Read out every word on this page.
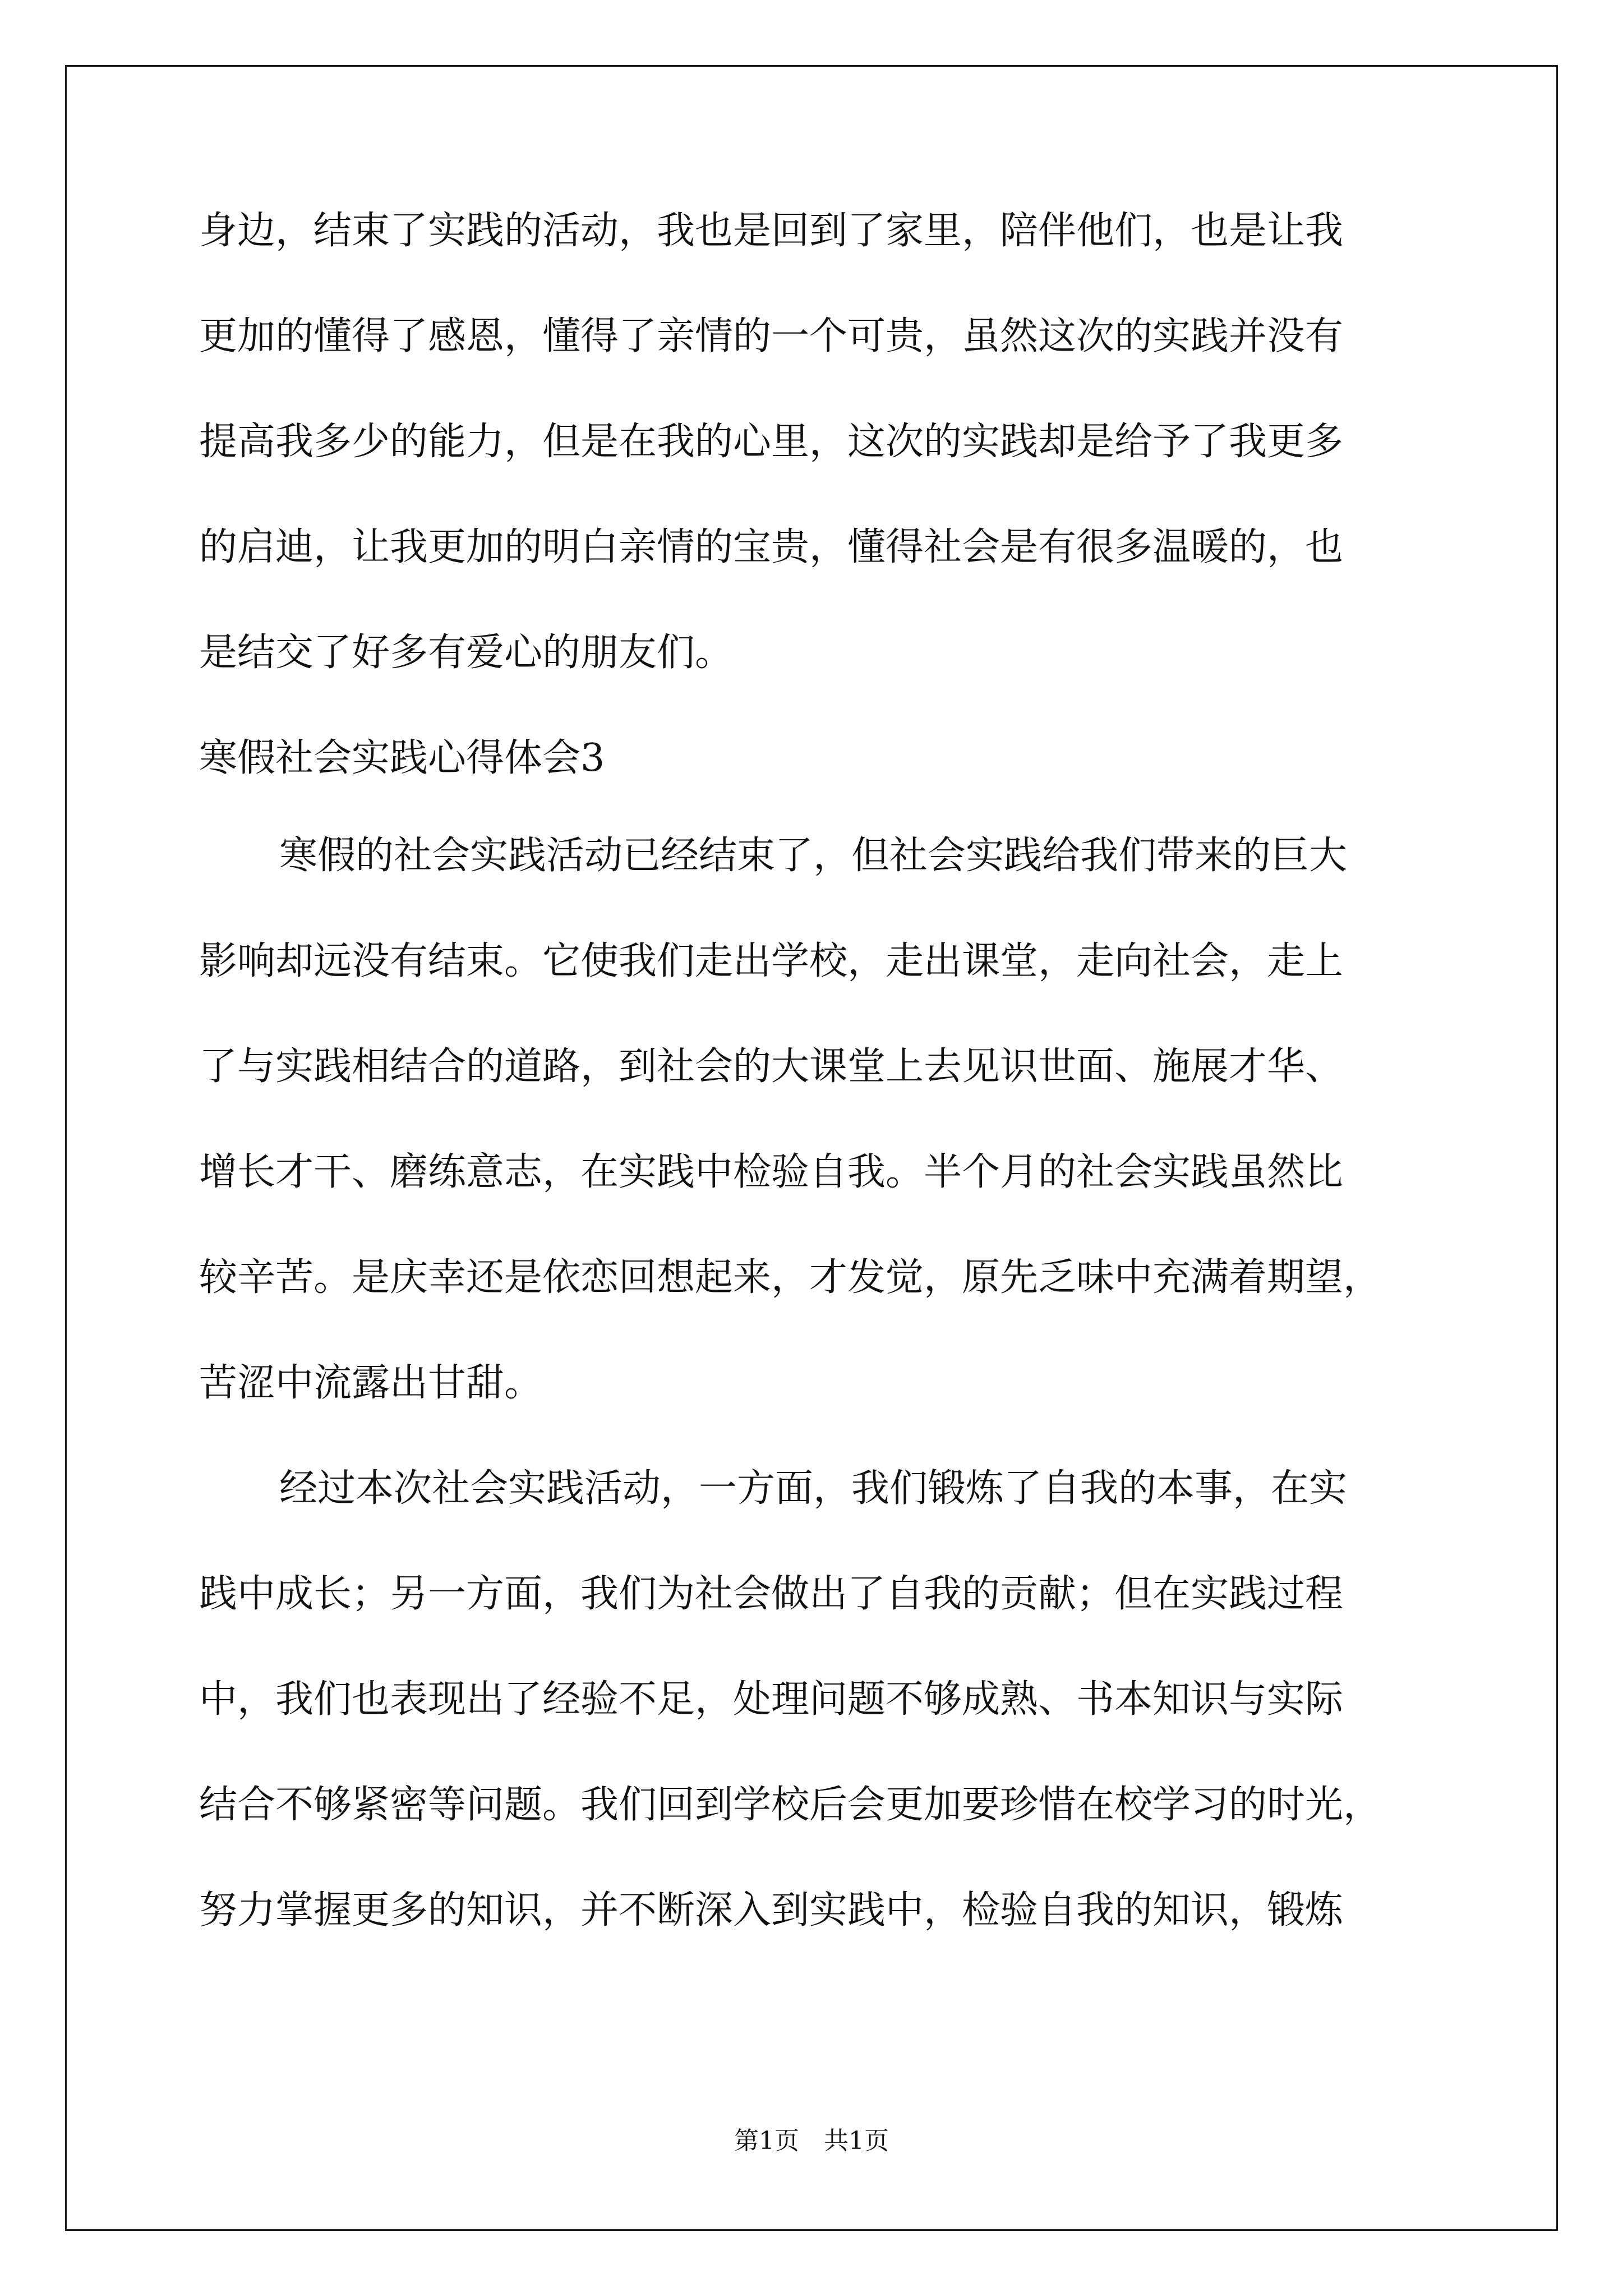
身边，结束了实践的活动，我也是回到了家里，陪伴他们，也是让我
更加的懂得了感恩，懂得了亲情的一个可贵，虽然这次的实践并没有
提高我多少的能力，但是在我的心里，这次的实践却是给予了我更多
的启迪，让我更加的明白亲情的宝贵，懂得社会是有很多温暖的，也
是结交了好多有爱心的朋友们。
寒假社会实践心得体会3
寒假的社会实践活动已经结束了，但社会实践给我们带来的巨大
影响却远没有结束。它使我们走出学校，走出课堂，走向社会，走上
了与实践相结合的道路，到社会的大课堂上去见识世面、施展才华、
增长才干、磨练意志，在实践中检验自我。半个月的社会实践虽然比
较辛苦。是庆幸还是依恋回想起来，才发觉，原先乏味中充满着期望，
苦涩中流露出甘甜。
经过本次社会实践活动，一方面，我们锻炼了自我的本事，在实
践中成长；另一方面，我们为社会做出了自我的贡献；但在实践过程
中，我们也表现出了经验不足，处理问题不够成熟、书本知识与实际
结合不够紧密等问题。我们回到学校后会更加要珍惜在校学习的时光，
努力掌握更多的知识，并不断深入到实践中，检验自我的知识，锻炼
第1页　共1页
